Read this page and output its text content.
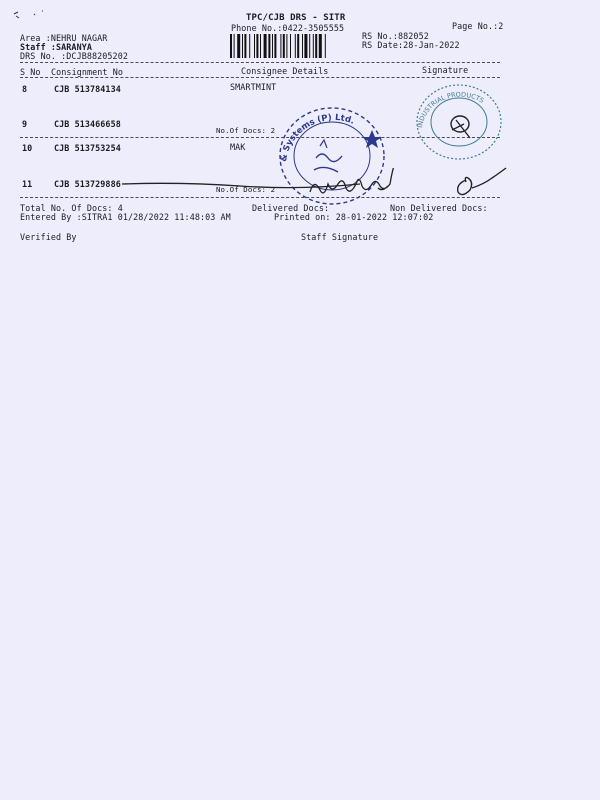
TPC/CJB DRS - SITR
Phone No.:0422-3505555	Page No.:2
Area :NEHRU NAGAR
Staff :SARANYA
DRS No. :DCJB88205202
RS No.:882052
RS Date:28-Jan-2022
S No Consignment No	Consignee Details	Signature
8	CJB 513784134	SMARTMINT
9	CJB 513466658
No.Of Docs: 2
10	CJB 513753254	MAK
11	CJB 513729886
No.Of Docs: 2
& Systems (P) Ltd.
INDUSTRIAL PRODUCTS
Total No. Of Docs: 4	Delivered Docs:	Non Delivered Docs:
Entered By :SITRA1 01/28/2022 11:48:03 AM	Printed on: 28-01-2022 12:07:02
Verified By	Staff Signature
